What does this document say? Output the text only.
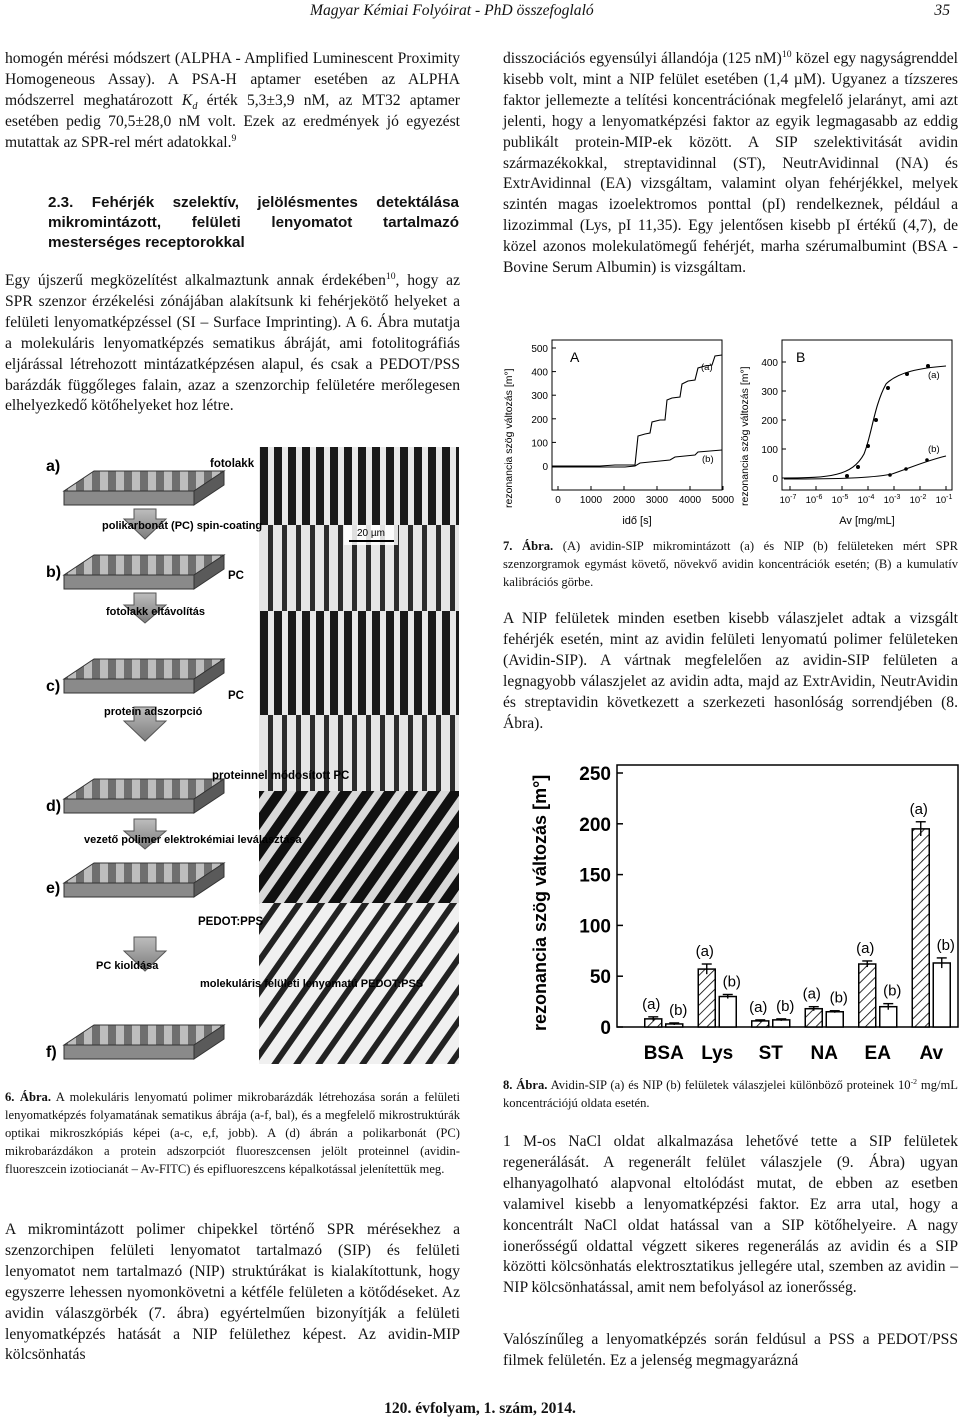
Magyar Kémiai Folyóirat - PhD összefoglaló	35

homogén mérési módszert (ALPHA - Amplified Luminescent Proximity Homogeneous Assay). A PSA-H aptamer esetében az ALPHA módszerrel meghatározott $K_d$ érték 5,3±3,9 nM, az MT32 aptamer esetében pedig 70,5±28,0 nM volt. Ezek az eredmények jó egyezést mutattak az SPR-rel mért adatokkal.$^9$

2.3. Fehérjék szelektív, jelölésmentes detektálása mikromintázott, felületi lenyomatot tartalmazó mesterséges receptorokkal

Egy újszerű megközelítést alkalmaztunk annak érdekében$^{10}$, hogy az SPR szenzor érzékelési zónájában alakítsunk ki fehérjekötő helyeket a felületi lenyomatképzéssel (SI – Surface Imprinting). A 6. Ábra mutatja a molekuláris lenyomatképzés sematikus ábráját, ami fotolitográfiás eljárással létrehozott mintázatképzésen alapul, és csak a PEDOT/PSS barázdák függőleges falain, azaz a szenzorchip felületére merőlegesen elhelyezkedő kötőhelyeket hoz létre.

20 µm
a)	fotolakk
polikarbonát (PC) spin-coating
b)	PC
fotolakk eltávolítás
c)
PC
protein adszorpció
d)
proteinnel módosított PC
vezető polimer elektrokémiai leválasztása
e)
PEDOT:PPS
PC kioldása
f)
molekuláris felületi lenyomatú PEDOT:PSS

6. Ábra. A molekuláris lenyomatú polimer mikrobarázdák létrehozása során a felületi lenyomatképzés folyamatának sematikus ábrája (a-f, bal), és a megfelelő mikrostruktúrák optikai mikroszkópiás képei (a-c, e,f, jobb). A (d) ábrán a polikarbonát (PC) mikrobarázdákon a protein adszorpciót fluoreszcensen jelölt proteinnel (avidin-fluoreszcein izotiocianát – Av-FITC) és epifluoreszcens képalkotással jelenítettük meg.

A mikromintázott polimer chipekkel történő SPR mérésekhez a szenzorchipen felületi lenyomatot tartalmazó (SIP) és felületi lenyomatot nem tartalmazó (NIP) struktúrákat is kialakítottunk, hogy egyszerre lehessen nyomonkövetni a kétféle felületen a kötődéseket. Az avidin válaszgörbék (7. ábra) egyértelműen bizonyítják a felületi lenyomatképzés hatását a NIP felülethez képest. Az avidin-MIP kölcsönhatás

disszociációs egyensúlyi állandója (125 nM)$^{10}$ közel egy nagyságrenddel kisebb volt, mint a NIP felület esetében (1,4 µM). Ugyanez a tízszeres faktor jellemezte a telítési koncentrációnak megfelelő jelarányt, ami azt jelenti, hogy a lenyomatképzési faktor az egyik legmagasabb az eddig publikált protein-MIP-ek között. A SIP szelektivitását avidin származékokkal, streptavidinnal (ST), NeutrAvidinnal (NA) és ExtrAvidinnal (EA) vizsgáltam, valamint olyan fehérjékkel, melyek szintén magas izoelektromos ponttal (pI) rendelkeznek, például a lizozimmal (Lys, pI 11,35). Egy jelentősen kisebb pI értékű (4,7), de közel azonos molekulatömegű fehérjét, marha szérumalbumint (BSA - Bovine Serum Albumin) is vizsgáltam.

rezonancia szög változás [m°]
A
500
400
300
200
100
0
0 1000 2000 3000 4000 5000
idő [s]
(a)
(b) rezonancia szög változás [m°]
B
400
300
200
100
0
$10^{-7}$ $10^{-6}$ $10^{-5}$ $10^{-4}$ $10^{-3}$ $10^{-2}$ $10^{-1}$
Av [mg/mL]
(a)
(b)

7. Ábra. (A) avidin-SIP mikromintázott (a) és NIP (b) felületeken mért SPR szenzorgramok egymást követő, növekvő avidin koncentrációk esetén; (B) a kumulatív kalibrációs görbe.

A NIP felületek minden esetben kisebb válaszjelet adtak a vizsgált fehérjék esetén, mint az avidin felületi lenyomatú polimer felületeken (Avidin-SIP). A vártnak megfelelően az avidin-SIP felületen a legnagyobb válaszjelet az avidin adta, majd az ExtrAvidin, NeutrAvidin és streptavidin következett a szerkezeti hasonlóság sorrendjében (8. Ábra).

rezonancia szög változás [m°]	0
50
100
150
200
250
(a) (b)
(a)
(b)
(a) (b)
(a) (b)
(a)
(b)
(a)
(b)
BSA Lys ST NA EA Av

8. Ábra. Avidin-SIP (a) és NIP (b) felületek válaszjelei különböző proteinek $10^{-2}$ mg/mL koncentrációjú oldata esetén.

1 M-os NaCl oldat alkalmazása lehetővé tette a SIP felületek regenerálását. A regenerált felület válaszjele (9. Ábra) ugyan elhanyagolható alapvonal eltolódást mutat, de ebben az esetben valamivel kisebb a lenyomatképzési faktor. Ez arra utal, hogy a koncentrált NaCl oldat hatással van a SIP kötőhelyeire. A nagy ionerősségű oldattal végzett sikeres regenerálás az avidin és a SIP közötti kölcsönhatás elektrosztatikus jellegére utal, szemben az avidin – NIP kölcsönhatással, amit nem befolyásol az ionerősség.

Valószínűleg a lenyomatképzés során feldúsul a PSS a PEDOT/PSS filmek felületén. Ez a jelenség megmagyarázná

120. évfolyam, 1. szám, 2014.
